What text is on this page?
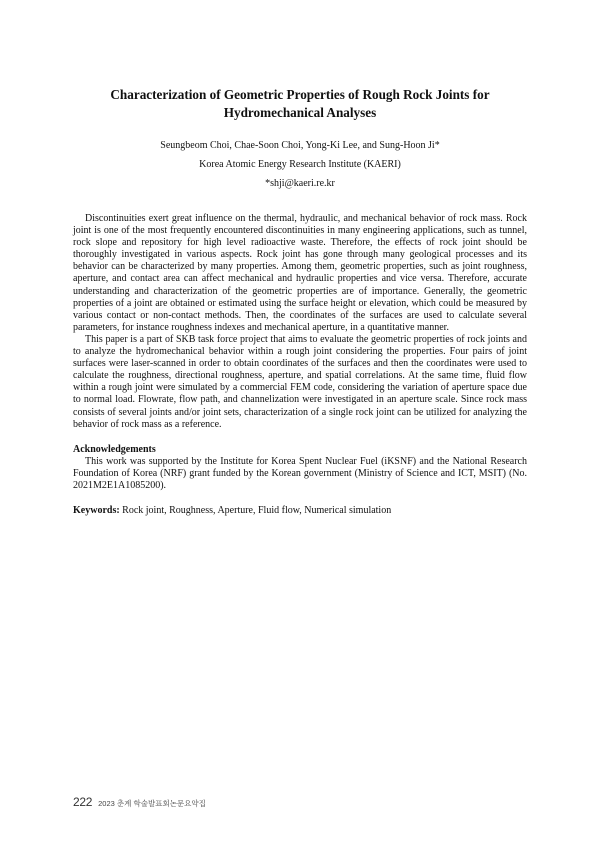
Characterization of Geometric Properties of Rough Rock Joints for
Hydromechanical Analyses
Seungbeom Choi, Chae-Soon Choi, Yong-Ki Lee, and Sung-Hoon Ji*
Korea Atomic Energy Research Institute (KAERI)
*shji@kaeri.re.kr

Discontinuities exert great influence on the thermal, hydraulic, and mechanical behavior of rock mass. Rock joint is one of the most frequently encountered discontinuities in many engineering applications, such as tunnel, rock slope and repository for high level radioactive waste. Therefore, the effects of rock joint should be thoroughly investigated in various aspects. Rock joint has gone through many geological processes and its behavior can be characterized by many properties. Among them, geometric properties, such as joint roughness, aperture, and contact area can affect mechanical and hydraulic properties and vice versa. Therefore, accurate understanding and characterization of the geometric properties are of importance. Generally, the geometric properties of a joint are obtained or estimated using the surface height or elevation, which could be measured by various contact or non-contact methods. Then, the coordinates of the surfaces are used to calculate several parameters, for instance roughness indexes and mechanical aperture, in a quantitative manner.

This paper is a part of SKB task force project that aims to evaluate the geometric properties of rock joints and to analyze the hydromechanical behavior within a rough joint considering the properties. Four pairs of joint surfaces were laser-scanned in order to obtain coordinates of the surfaces and then the coordinates were used to calculate the roughness, directional roughness, aperture, and spatial correlations. At the same time, fluid flow within a rough joint were simulated by a commercial FEM code, considering the variation of aperture space due to normal load. Flowrate, flow path, and channelization were investigated in an aperture scale. Since rock mass consists of several joints and/or joint sets, characterization of a single rock joint can be utilized for analyzing the behavior of rock mass as a reference.

Acknowledgements

This work was supported by the Institute for Korea Spent Nuclear Fuel (iKSNF) and the National Research Foundation of Korea (NRF) grant funded by the Korean government (Ministry of Science and ICT, MSIT) (No. 2021M2E1A1085200).

Keywords: Rock joint, Roughness, Aperture, Fluid flow, Numerical simulation
222 2023 춘계 학술발표회논문요약집
